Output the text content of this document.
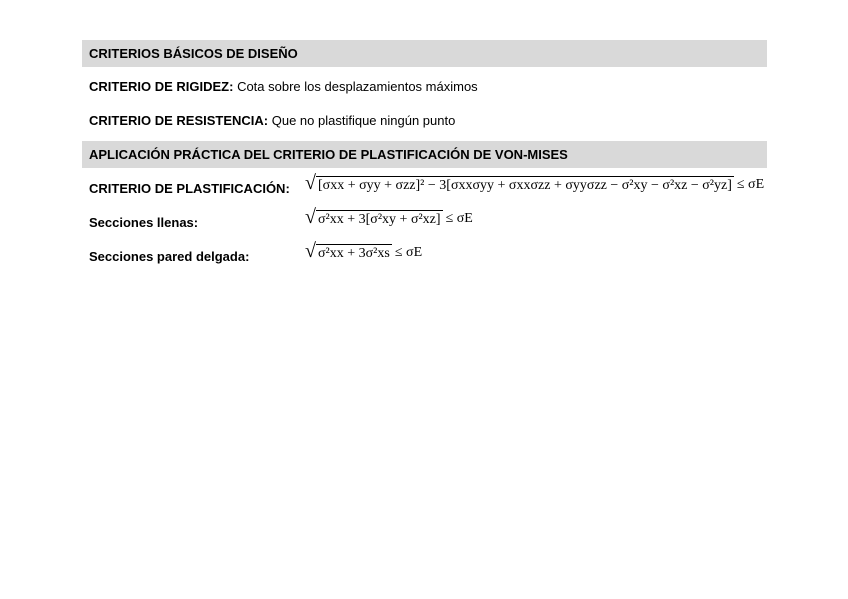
CRITERIOS BÁSICOS DE DISEÑO
CRITERIO DE RIGIDEZ: Cota sobre los desplazamientos máximos
CRITERIO DE RESISTENCIA: Que no plastifique ningún punto
APLICACIÓN PRÁCTICA DEL CRITERIO DE PLASTIFICACIÓN DE VON-MISES
CRITERIO DE PLASTIFICACIÓN: √ [σxx + σyy + σzz]² − 3[σxxσyy + σxxσzz + σyyσzz − σ²xy − σ²xz − σ²yz] ≤ σE
Secciones llenas:	√ σ²xx + 3[σ²xy + σ²xz] ≤ σE
Secciones pared delgada:	√ σ²xx + 3σ²xs ≤ σE
